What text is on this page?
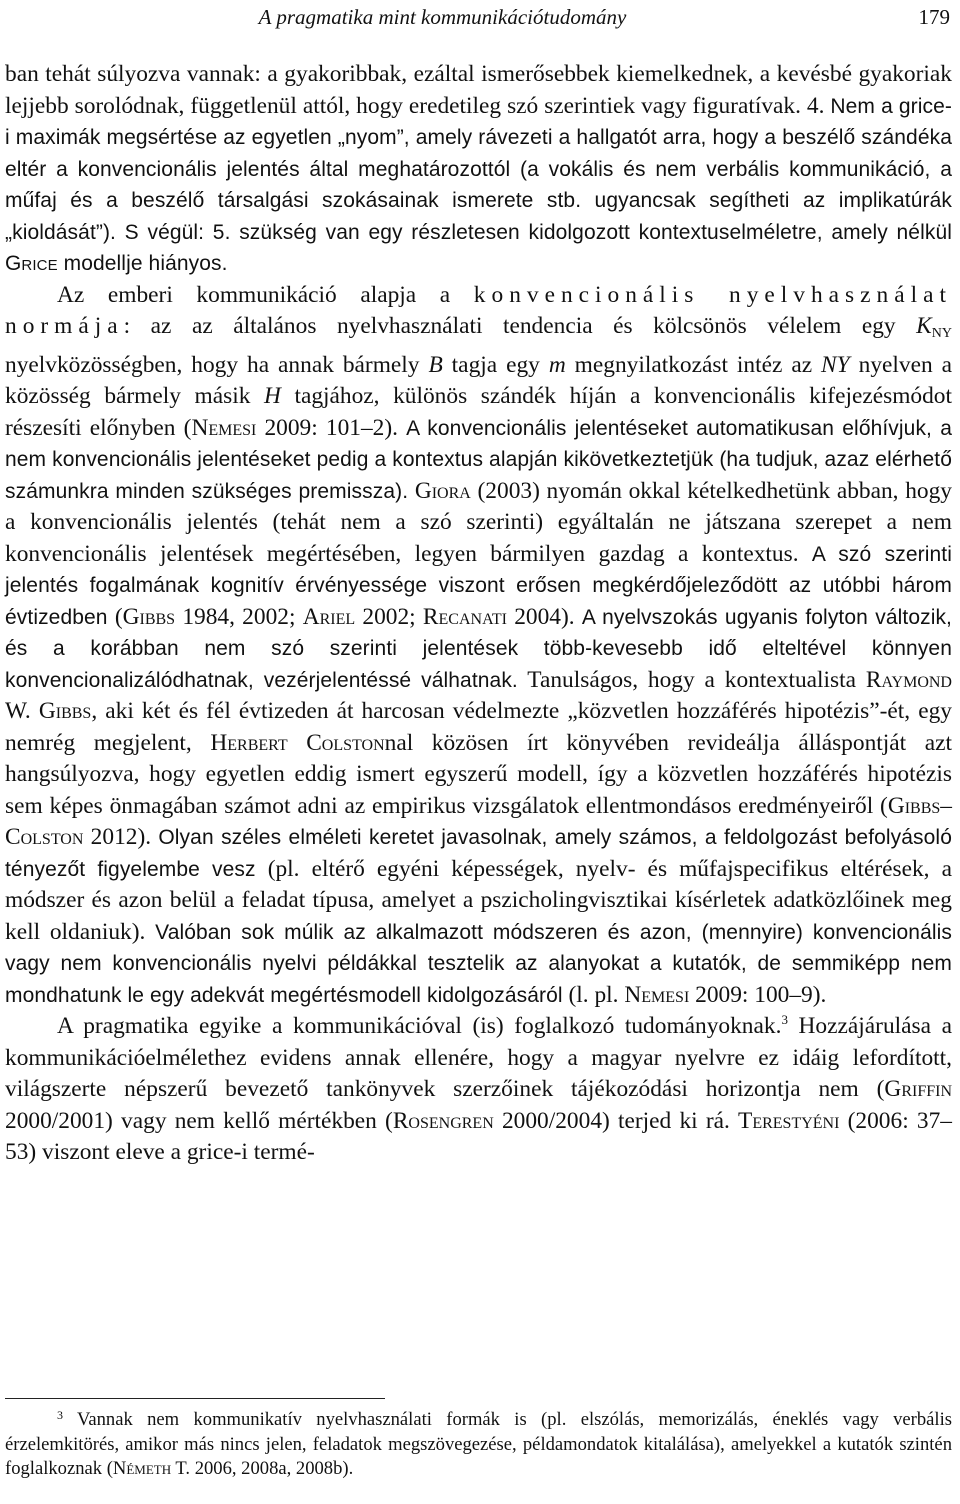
A pragmatika mint kommunikációtudomány	179

ban tehát súlyozva vannak: a gyakoribbak, ezáltal ismerősebbek kiemelkednek, a kevésbé gyakoriak lejjebb sorolódnak, függetlenül attól, hogy eredetileg szó szerintiek vagy figuratívak. 4. Nem a grice-i maximák megsértése az egyetlen „nyom”, amely rávezeti a hallgatót arra, hogy a beszélő szándéka eltér a konvencionális jelentés által meghatározottól (a vokális és nem verbális kommunikáció, a műfaj és a beszélő társalgási szokásainak ismerete stb. ugyancsak segítheti az implikatúrák „kioldását”). S végül: 5. szükség van egy részletesen kidolgozott kontextuselméletre, amely nélkül Grice modellje hiányos.

Az emberi kommunikáció alapja a konvencionális nyelvhasználat normája: az az általános nyelvhasználati tendencia és kölcsönös vélelem egy $K_{NY}$ nyelvközösségben, hogy ha annak bármely B tagja egy m megnyilatkozást intéz az NY nyelven a közösség bármely másik H tagjához, különös szándék híján a konvencionális kifejezésmódot részesíti előnyben (Nemesi 2009: 101–2). A konvencionális jelentéseket automatikusan előhívjuk, a nem konvencionális jelentéseket pedig a kontextus alapján kikövetkeztetjük (ha tudjuk, azaz elérhető számunkra minden szükséges premissza). Giora (2003) nyomán okkal kételkedhetünk abban, hogy a konvencionális jelentés (tehát nem a szó szerinti) egyáltalán ne játszana szerepet a nem konvencionális jelentések megértésében, legyen bármilyen gazdag a kontextus. A szó szerinti jelentés fogalmának kognitív érvényessége viszont erősen megkérdőjeleződött az utóbbi három évtizedben (Gibbs 1984, 2002; Ariel 2002; Recanati 2004). A nyelvszokás ugyanis folyton változik, és a korábban nem szó szerinti jelentések több-kevesebb idő elteltével könnyen konvencionalizálódhatnak, vezérjelentéssé válhatnak. Tanulságos, hogy a kontextualista Raymond W. Gibbs, aki két és fél évtizeden át harcosan védelmezte „közvetlen hozzáférés hipotézis”-ét, egy nemrég megjelent, Herbert Colstonnal közösen írt könyvében revideálja álláspontját azt hangsúlyozva, hogy egyetlen eddig ismert egyszerű modell, így a közvetlen hozzáférés hipotézis sem képes önmagában számot adni az empirikus vizsgálatok ellentmondásos eredményeiről (Gibbs–Colston 2012). Olyan széles elméleti keretet javasolnak, amely számos, a feldolgozást befolyásoló tényezőt figyelembe vesz (pl. eltérő egyéni képességek, nyelv- és műfajspecifikus eltérések, a módszer és azon belül a feladat típusa, amelyet a pszicholingvisztikai kísérletek adatközlőinek meg kell oldaniuk). Valóban sok múlik az alkalmazott módszeren és azon, (mennyire) konvencionális vagy nem konvencionális nyelvi példákkal tesztelik az alanyokat a kutatók, de semmiképp nem mondhatunk le egy adekvát megértésmodell kidolgozásáról (l. pl. Nemesi 2009: 100–9).

A pragmatika egyike a kommunikációval (is) foglalkozó tudományoknak.$^3$ Hozzájárulása a kommunikációelmélethez evidens annak ellenére, hogy a magyar nyelvre ez idáig lefordított, világszerte népszerű bevezető tankönyvek szerzőinek tájékozódási horizontja nem (Griffin 2000/2001) vagy nem kellő mértékben (Rosengren 2000/2004) terjed ki rá. Terestyéni (2006: 37–53) viszont eleve a grice-i termé-

$^3$ Vannak nem kommunikatív nyelvhasználati formák is (pl. elszólás, memorizálás, éneklés vagy verbális érzelemkitörés, amikor más nincs jelen, feladatok megszövegezése, példamondatok kitalálása), amelyekkel a kutatók szintén foglalkoznak (Németh T. 2006, 2008a, 2008b).
